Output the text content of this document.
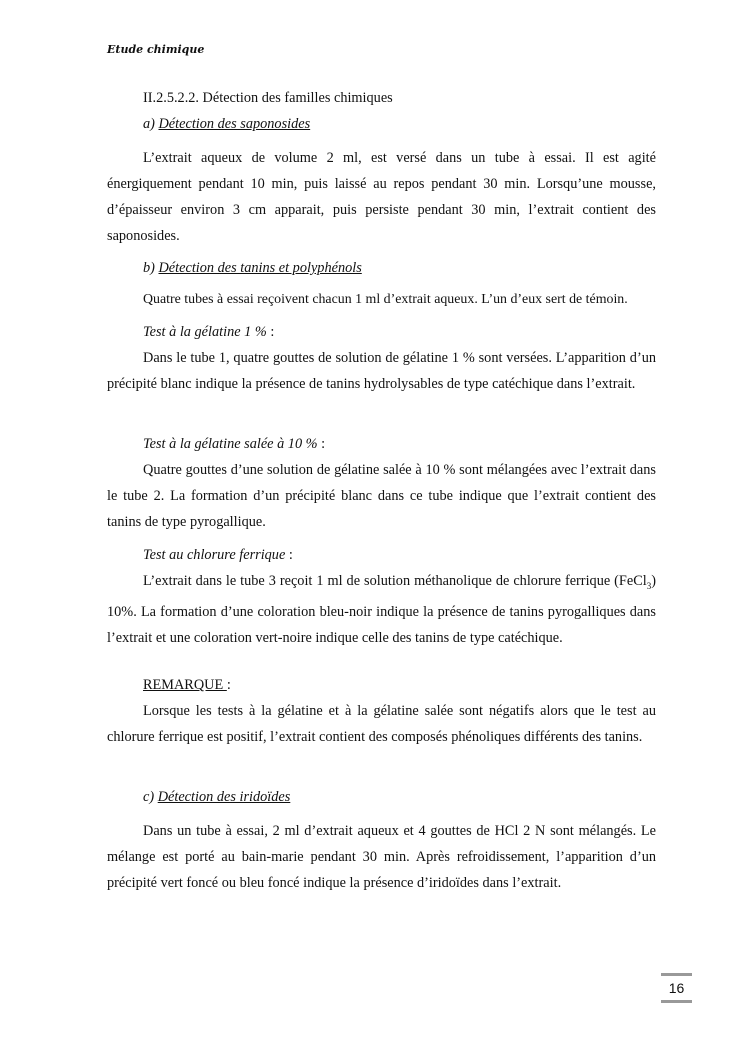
Etude chimique
II.2.5.2.2. Détection des familles chimiques
a) Détection des saponosides
L’extrait aqueux de volume 2 ml, est versé dans un tube à essai. Il est agité énergiquement pendant 10 min, puis laissé au repos pendant 30 min. Lorsqu’une mousse, d’épaisseur environ 3 cm apparait, puis persiste pendant 30 min, l’extrait contient des saponosides.
b) Détection des tanins et polyphénols
Quatre tubes à essai reçoivent chacun 1 ml d’extrait aqueux. L’un d’eux sert de témoin.
Test à la gélatine 1 % :
Dans le tube 1, quatre gouttes de solution de gélatine 1 % sont versées. L’apparition d’un précipité blanc indique la présence de tanins hydrolysables de type catéchique dans l’extrait.
Test à la gélatine salée à 10 % :
Quatre gouttes d’une solution de gélatine salée à 10 % sont mélangées avec l’extrait dans le tube 2. La formation d’un précipité blanc dans ce tube indique que l’extrait contient des tanins de type pyrogallique.
Test au chlorure ferrique :
L’extrait dans le tube 3 reçoit 1 ml de solution méthanolique de chlorure ferrique (FeCl$_3$) 10%. La formation d’une coloration bleu-noir indique la présence de tanins pyrogalliques dans l’extrait et une coloration vert-noire indique celle des tanins de type catéchique.
REMARQUE :
Lorsque les tests à la gélatine et à la gélatine salée sont négatifs alors que le test au chlorure ferrique est positif, l’extrait contient des composés phénoliques différents des tanins.
c) Détection des iridoïdes
Dans un tube à essai, 2 ml d’extrait aqueux et 4 gouttes de HCl 2 N sont mélangés. Le mélange est porté au bain-marie pendant 30 min. Après refroidissement, l’apparition d’un précipité vert foncé ou bleu foncé indique la présence d’iridoïdes dans l’extrait.
16
